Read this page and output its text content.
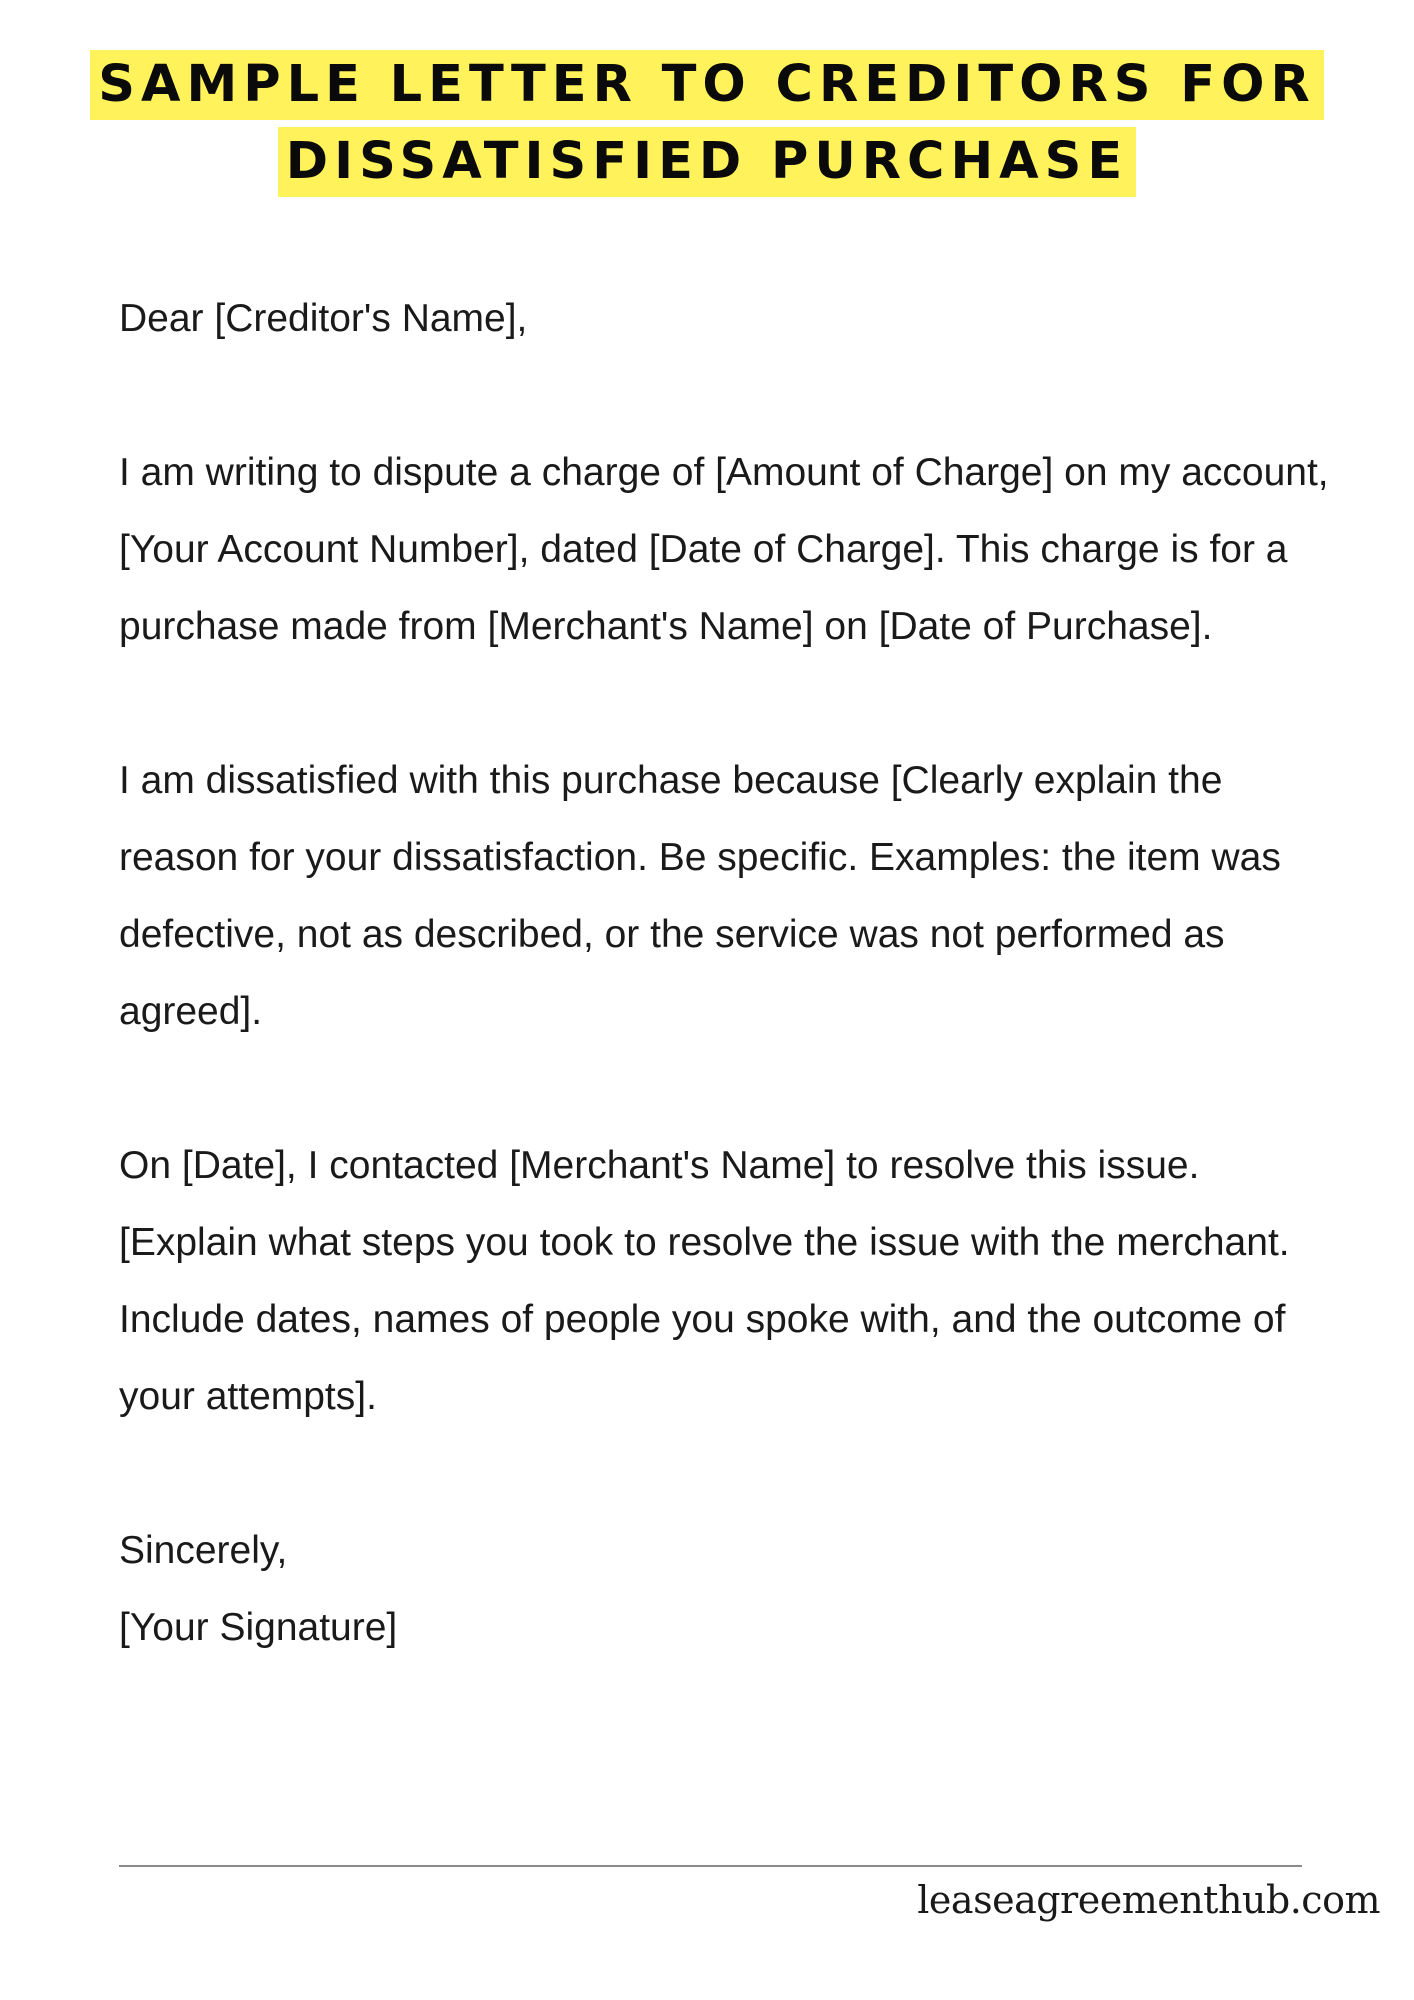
SAMPLE LETTER TO CREDITORS FOR
DISSATISFIED PURCHASE

Dear [Creditor's Name],

I am writing to dispute a charge of [Amount of Charge] on my account, [Your Account Number], dated [Date of Charge]. This charge is for a purchase made from [Merchant's Name] on [Date of Purchase].

I am dissatisfied with this purchase because [Clearly explain the reason for your dissatisfaction. Be specific. Examples: the item was defective, not as described, or the service was not performed as agreed].

On [Date], I contacted [Merchant's Name] to resolve this issue. [Explain what steps you took to resolve the issue with the merchant. Include dates, names of people you spoke with, and the outcome of your attempts].

Sincerely,
[Your Signature]

leaseagreementhub.com
